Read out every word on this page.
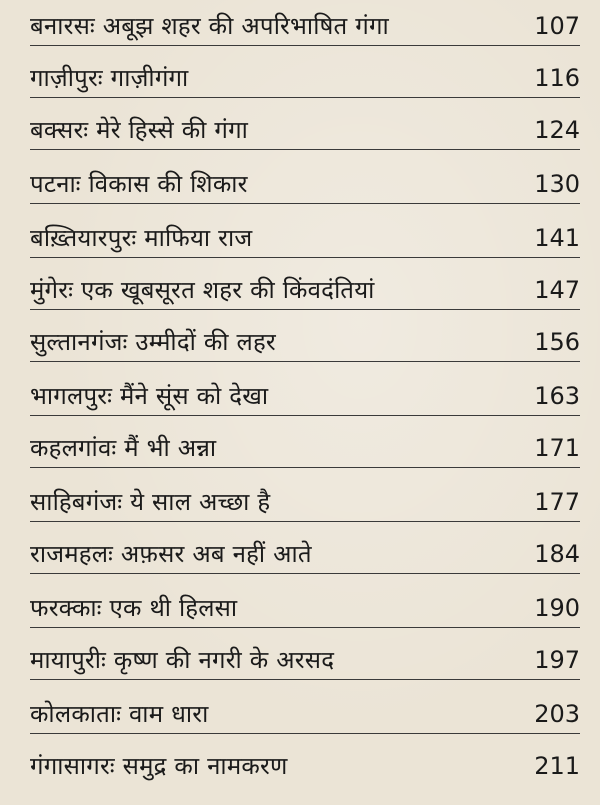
बनारसः अबूझ शहर की अपरिभाषित गंगा	107
गाज़ीपुरः गाज़ीगंगा	116
बक्सरः मेरे हिस्से की गंगा	124
पटनाः विकास की शिकार	130
बख़्तियारपुरः माफिया राज	141
मुंगेरः एक खूबसूरत शहर की किंवदंतियां	147
सुल्तानगंजः उम्मीदों की लहर	156
भागलपुरः मैंने सूंस को देखा	163
कहलगांवः मैं भी अन्ना	171
साहिबगंजः ये साल अच्छा है	177
राजमहलः अफ़सर अब नहीं आते	184
फरक्काः एक थी हिलसा	190
मायापुरीः कृष्ण की नगरी के अरसद	197
कोलकाताः वाम धारा	203
गंगासागरः समुद्र का नामकरण	211
